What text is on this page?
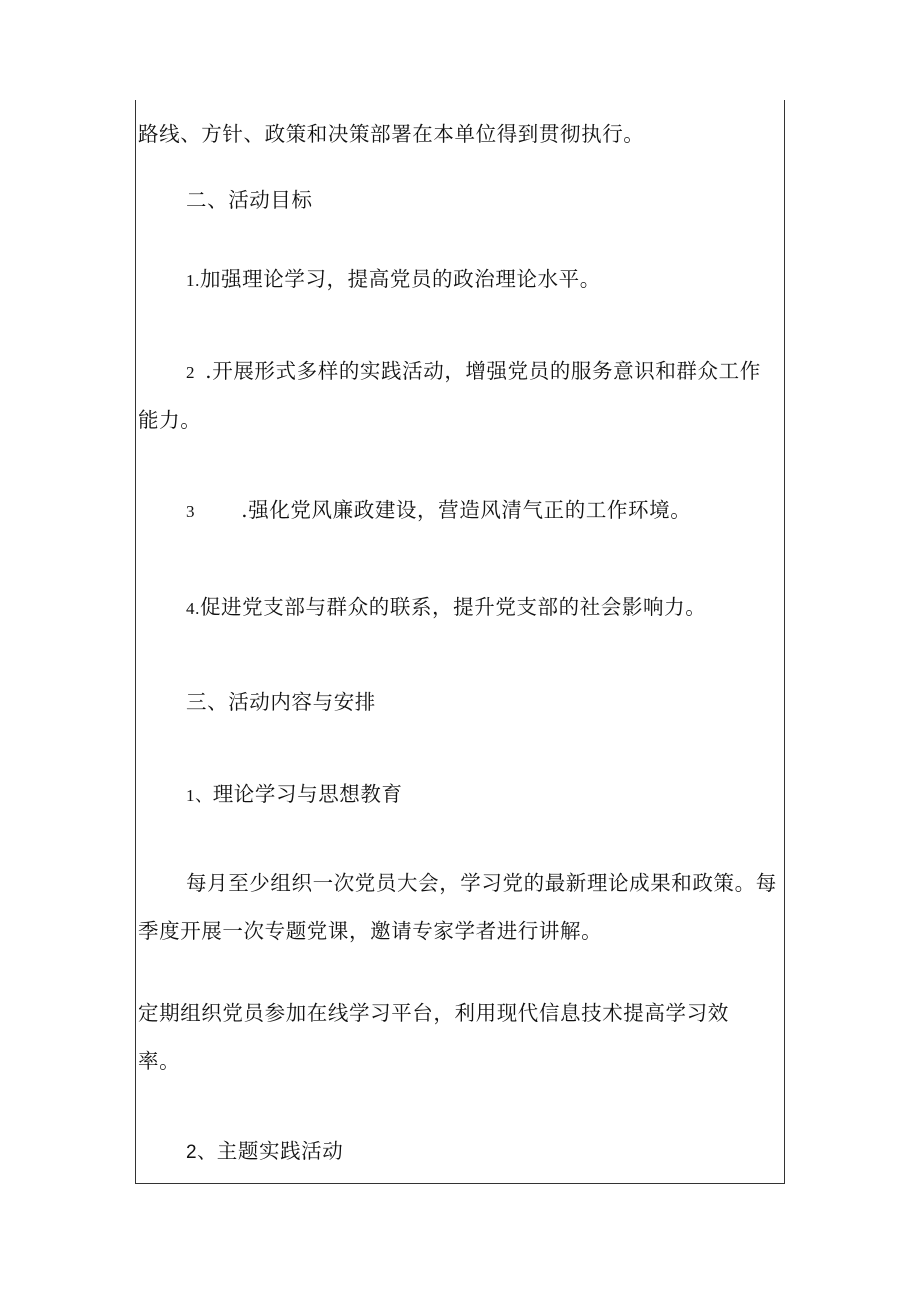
路线、方针、政策和决策部署在本单位得到贯彻执行。
二、活动目标
1.加强理论学习，提高党员的政治理论水平。
2 .开展形式多样的实践活动，增强党员的服务意识和群众工作
能力。
3 .强化党风廉政建设，营造风清气正的工作环境。
4.促进党支部与群众的联系，提升党支部的社会影响力。
三、活动内容与安排
1、理论学习与思想教育
每月至少组织一次党员大会，学习党的最新理论成果和政策。每
季度开展一次专题党课，邀请专家学者进行讲解。
定期组织党员参加在线学习平台，利用现代信息技术提高学习效
率。
2、主题实践活动
